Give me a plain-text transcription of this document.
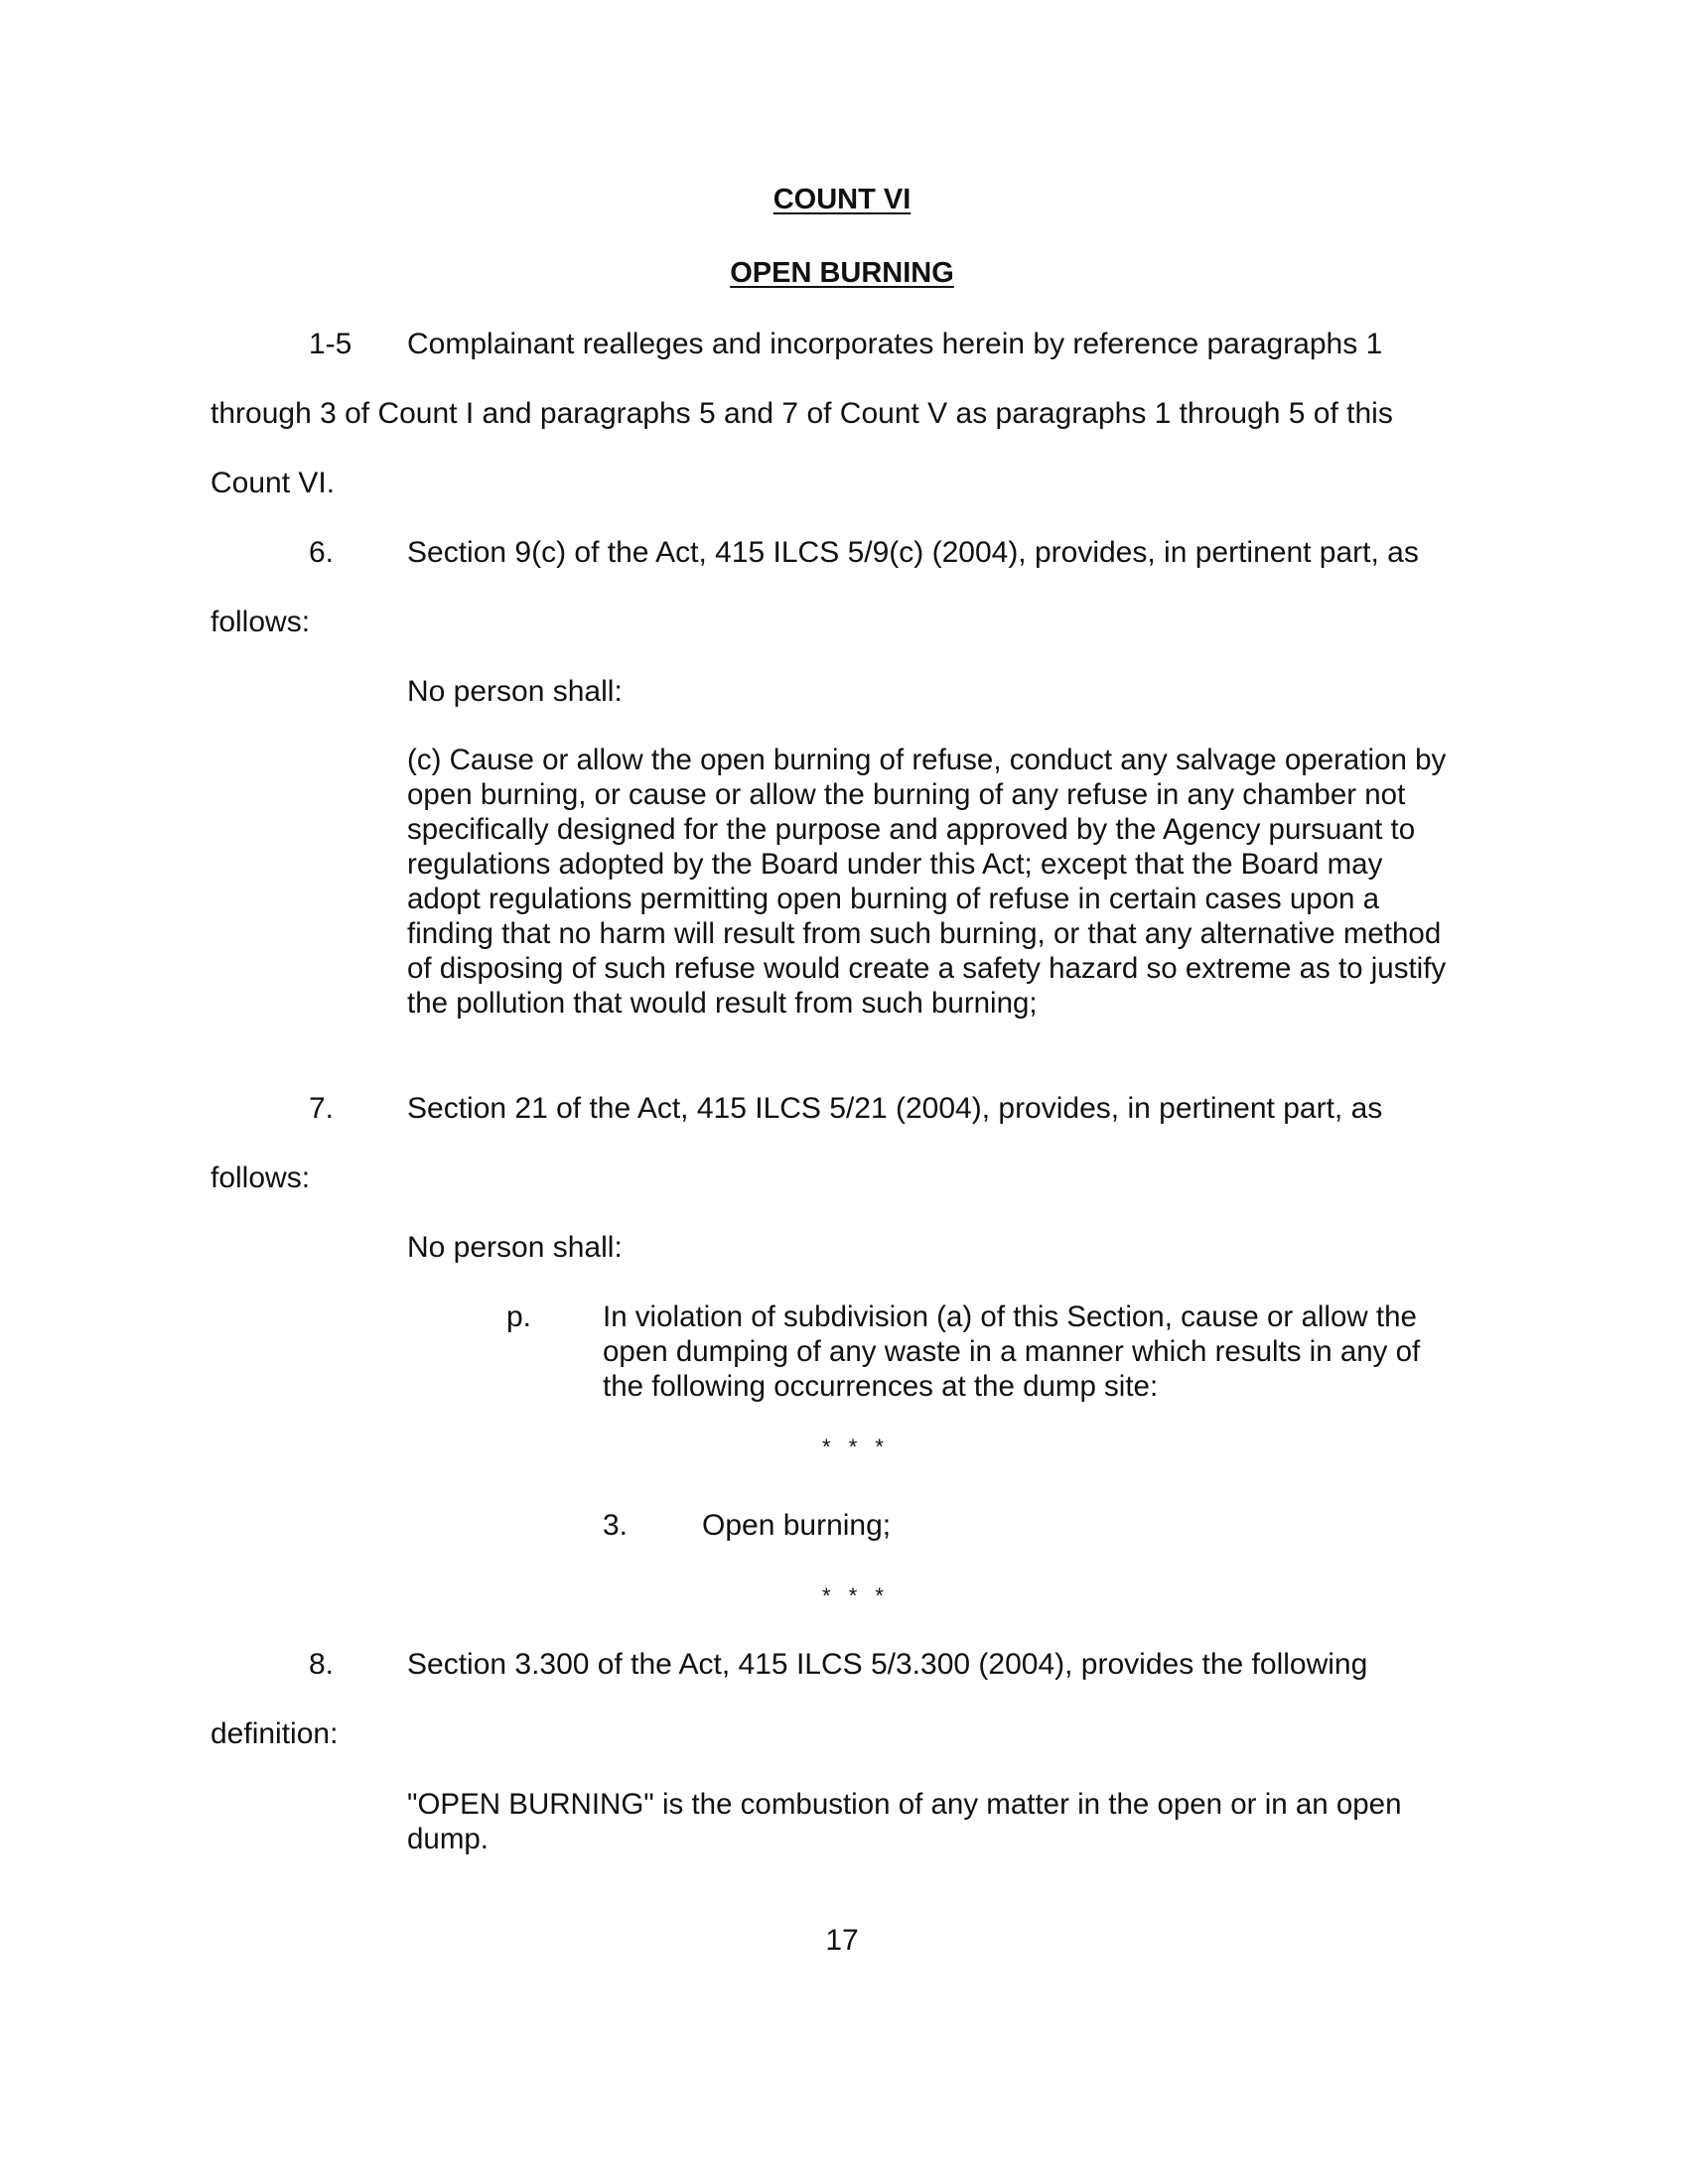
COUNT VI
OPEN BURNING
1-5 Complainant realleges and incorporates herein by reference paragraphs 1
through 3 of Count I and paragraphs 5 and 7 of Count V as paragraphs 1 through 5 of this
Count VI.
6. Section 9(c) of the Act, 415 ILCS 5/9(c) (2004), provides, in pertinent part, as
follows:
No person shall:
(c) Cause or allow the open burning of refuse, conduct any salvage operation by
open burning, or cause or allow the burning of any refuse in any chamber not
specifically designed for the purpose and approved by the Agency pursuant to
regulations adopted by the Board under this Act; except that the Board may
adopt regulations permitting open burning of refuse in certain cases upon a
finding that no harm will result from such burning, or that any alternative method
of disposing of such refuse would create a safety hazard so extreme as to justify
the pollution that would result from such burning;
7. Section 21 of the Act, 415 ILCS 5/21 (2004), provides, in pertinent part, as
follows:
No person shall:
p. In violation of subdivision (a) of this Section, cause or allow the
open dumping of any waste in a manner which results in any of
the following occurrences at the dump site:
* * *
3. Open burning;
* * *
8. Section 3.300 of the Act, 415 ILCS 5/3.300 (2004), provides the following
definition:
"OPEN BURNING" is the combustion of any matter in the open or in an open
dump.
17
